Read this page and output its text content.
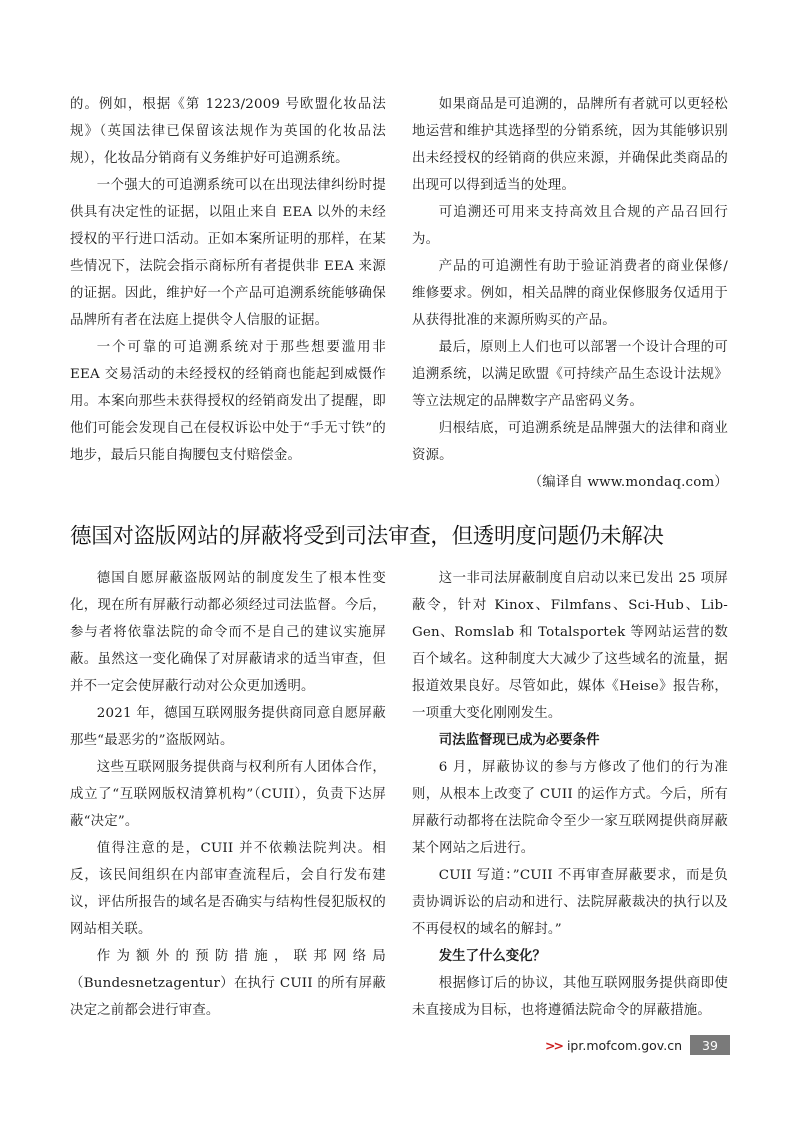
的。例如，根据《第 1223/2009 号欧盟化妆品法规》（英国法律已保留该法规作为英国的化妆品法规），化妆品分销商有义务维护好可追溯系统。

一个强大的可追溯系统可以在出现法律纠纷时提供具有决定性的证据，以阻止来自 EEA 以外的未经授权的平行进口活动。正如本案所证明的那样，在某些情况下，法院会指示商标所有者提供非 EEA 来源的证据。因此，维护好一个产品可追溯系统能够确保品牌所有者在法庭上提供令人信服的证据。

一个可靠的可追溯系统对于那些想要滥用非 EEA 交易活动的未经授权的经销商也能起到威慑作用。本案向那些未获得授权的经销商发出了提醒，即他们可能会发现自己在侵权诉讼中处于“手无寸铁”的地步，最后只能自掏腰包支付赔偿金。

如果商品是可追溯的，品牌所有者就可以更轻松地运营和维护其选择型的分销系统，因为其能够识别出未经授权的经销商的供应来源，并确保此类商品的出现可以得到适当的处理。

可追溯还可用来支持高效且合规的产品召回行为。

产品的可追溯性有助于验证消费者的商业保修/维修要求。例如，相关品牌的商业保修服务仅适用于从获得批准的来源所购买的产品。

最后，原则上人们也可以部署一个设计合理的可追溯系统，以满足欧盟《可持续产品生态设计法规》等立法规定的品牌数字产品密码义务。

归根结底，可追溯系统是品牌强大的法律和商业资源。

（编译自 www.mondaq.com）

德国对盗版网站的屏蔽将受到司法审查，但透明度问题仍未解决

德国自愿屏蔽盗版网站的制度发生了根本性变化，现在所有屏蔽行动都必须经过司法监督。今后，参与者将依靠法院的命令而不是自己的建议实施屏蔽。虽然这一变化确保了对屏蔽请求的适当审查，但并不一定会使屏蔽行动对公众更加透明。

2021 年，德国互联网服务提供商同意自愿屏蔽那些“最恶劣的”盗版网站。

这些互联网服务提供商与权利所有人团体合作，成立了“互联网版权清算机构”（CUII），负责下达屏蔽“决定”。

值得注意的是，CUII 并不依赖法院判决。相反，该民间组织在内部审查流程后，会自行发布建议，评估所报告的域名是否确实与结构性侵犯版权的网站相关联。

作为额外的预防措施，联邦网络局（Bundesnetzagentur）在执行 CUII 的所有屏蔽决定之前都会进行审查。

这一非司法屏蔽制度自启动以来已发出 25 项屏蔽令，针对 Kinox、Filmfans、Sci-Hub、Lib-Gen、Romslab 和 Totalsportek 等网站运营的数百个域名。这种制度大大减少了这些域名的流量，据报道效果良好。尽管如此，媒体《Heise》报告称，一项重大变化刚刚发生。

司法监督现已成为必要条件

6 月，屏蔽协议的参与方修改了他们的行为准则，从根本上改变了 CUII 的运作方式。今后，所有屏蔽行动都将在法院命令至少一家互联网提供商屏蔽某个网站之后进行。

CUII 写道：”CUII 不再审查屏蔽要求，而是负责协调诉讼的启动和进行、法院屏蔽裁决的执行以及不再侵权的域名的解封。”

发生了什么变化？

根据修订后的协议，其他互联网服务提供商即使未直接成为目标，也将遵循法院命令的屏蔽措施。

>> ipr.mofcom.gov.cn	39
